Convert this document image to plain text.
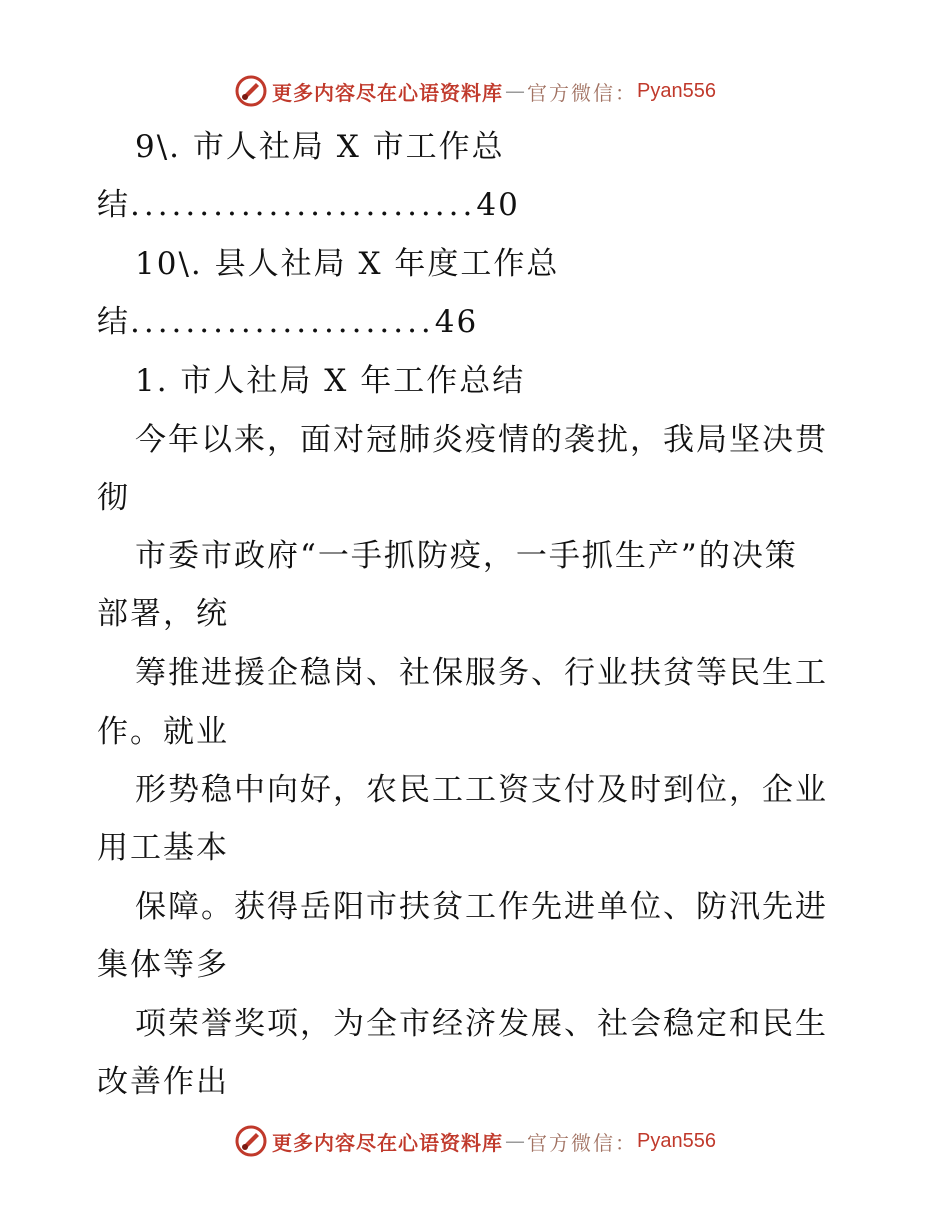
更多内容尽在心语资料库 — 官方微信： Pyan556
9\. 市人社局 X 市工作总
结.........................40
10\. 县人社局 X 年度工作总
结......................46
1. 市人社局 X 年工作总结
今年以来，面对冠肺炎疫情的袭扰，我局坚决贯
彻
市委市政府“一手抓防疫，一手抓生产”的决策
部署，统
筹推进援企稳岗、社保服务、行业扶贫等民生工
作。就业
形势稳中向好，农民工工资支付及时到位，企业
用工基本
保障。获得岳阳市扶贫工作先进单位、防汛先进
集体等多
项荣誉奖项，为全市经济发展、社会稳定和民生
改善作出
更多内容尽在心语资料库 — 官方微信： Pyan556
